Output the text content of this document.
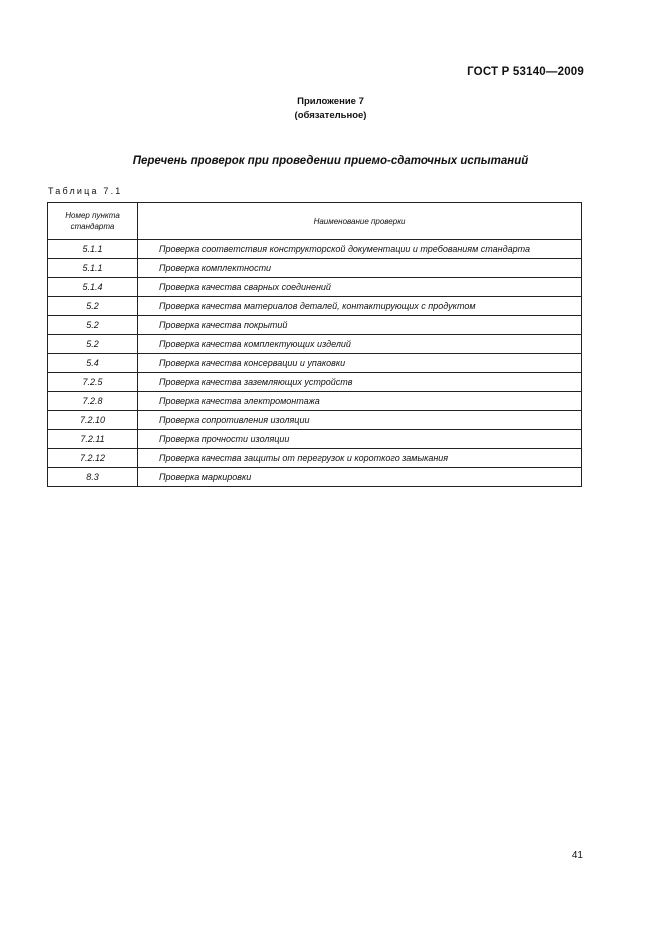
ГОСТ Р 53140—2009
Приложение 7
(обязательное)
Перечень проверок при проведении приемо-сдаточных испытаний
Таблица 7.1
Номер пункта
стандарта	Наименование проверки
5.1.1	Проверка соответствия конструкторской документации и требованиям стандарта
5.1.1	Проверка комплектности
5.1.4	Проверка качества сварных соединений
5.2	Проверка качества материалов деталей, контактирующих с продуктом
5.2	Проверка качества покрытий
5.2	Проверка качества комплектующих изделий
5.4	Проверка качества консервации и упаковки
7.2.5	Проверка качества заземляющих устройств
7.2.8	Проверка качества электромонтажа
7.2.10	Проверка сопротивления изоляции
7.2.11	Проверка прочности изоляции
7.2.12	Проверка качества защиты от перегрузок и короткого замыкания
8.3	Проверка маркировки
41
